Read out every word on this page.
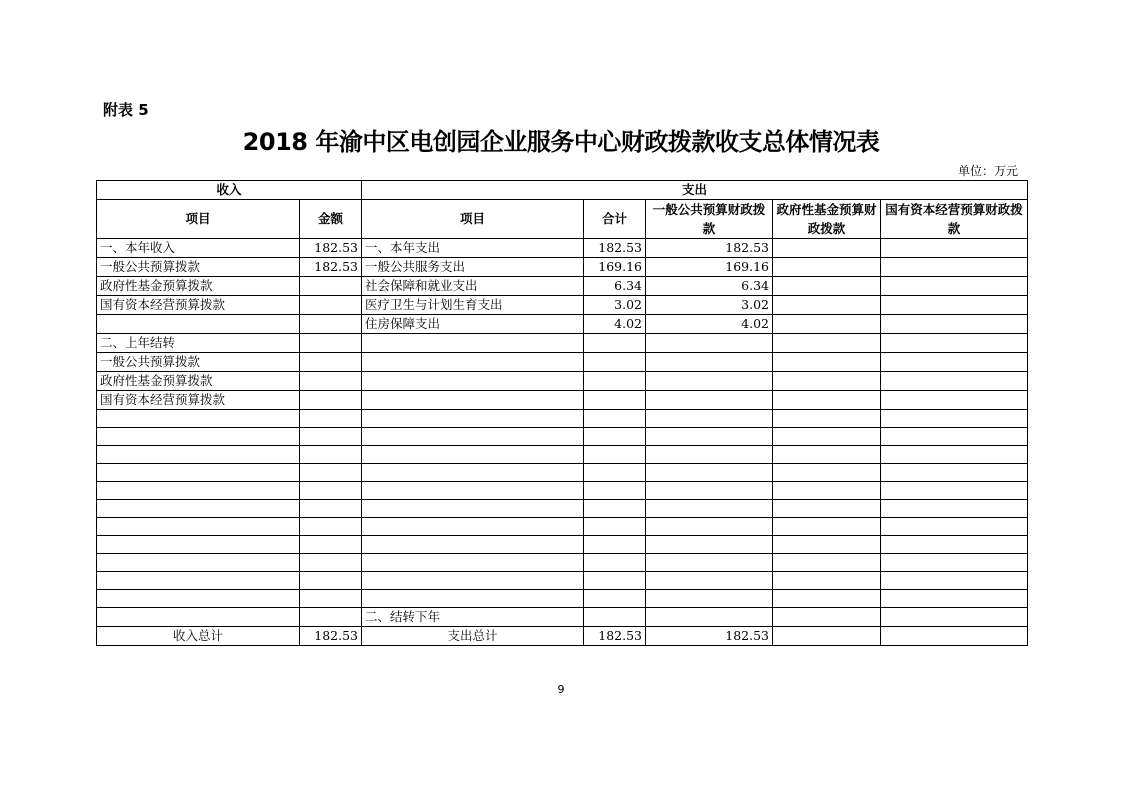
附表 5
2018 年渝中区电创园企业服务中心财政拨款收支总体情况表
单位：万元
收入		支出				
项目	金额	项目	合计	一般公共预算财政拨款	政府性基金预算财政拨款	国有资本经营预算财政拨款
一、本年收入	182.53	一、本年支出	182.53	182.53		
一般公共预算拨款	182.53	一般公共服务支出	169.16	169.16		
政府性基金预算拨款		社会保障和就业支出	6.34	6.34		
国有资本经营预算拨款		医疗卫生与计划生育支出	3.02	3.02		
		住房保障支出	4.02	4.02		
二、上年结转						
一般公共预算拨款						
政府性基金预算拨款						
国有资本经营预算拨款						

		二、结转下年				
收入总计	182.53	支出总计	182.53	182.53		
9
